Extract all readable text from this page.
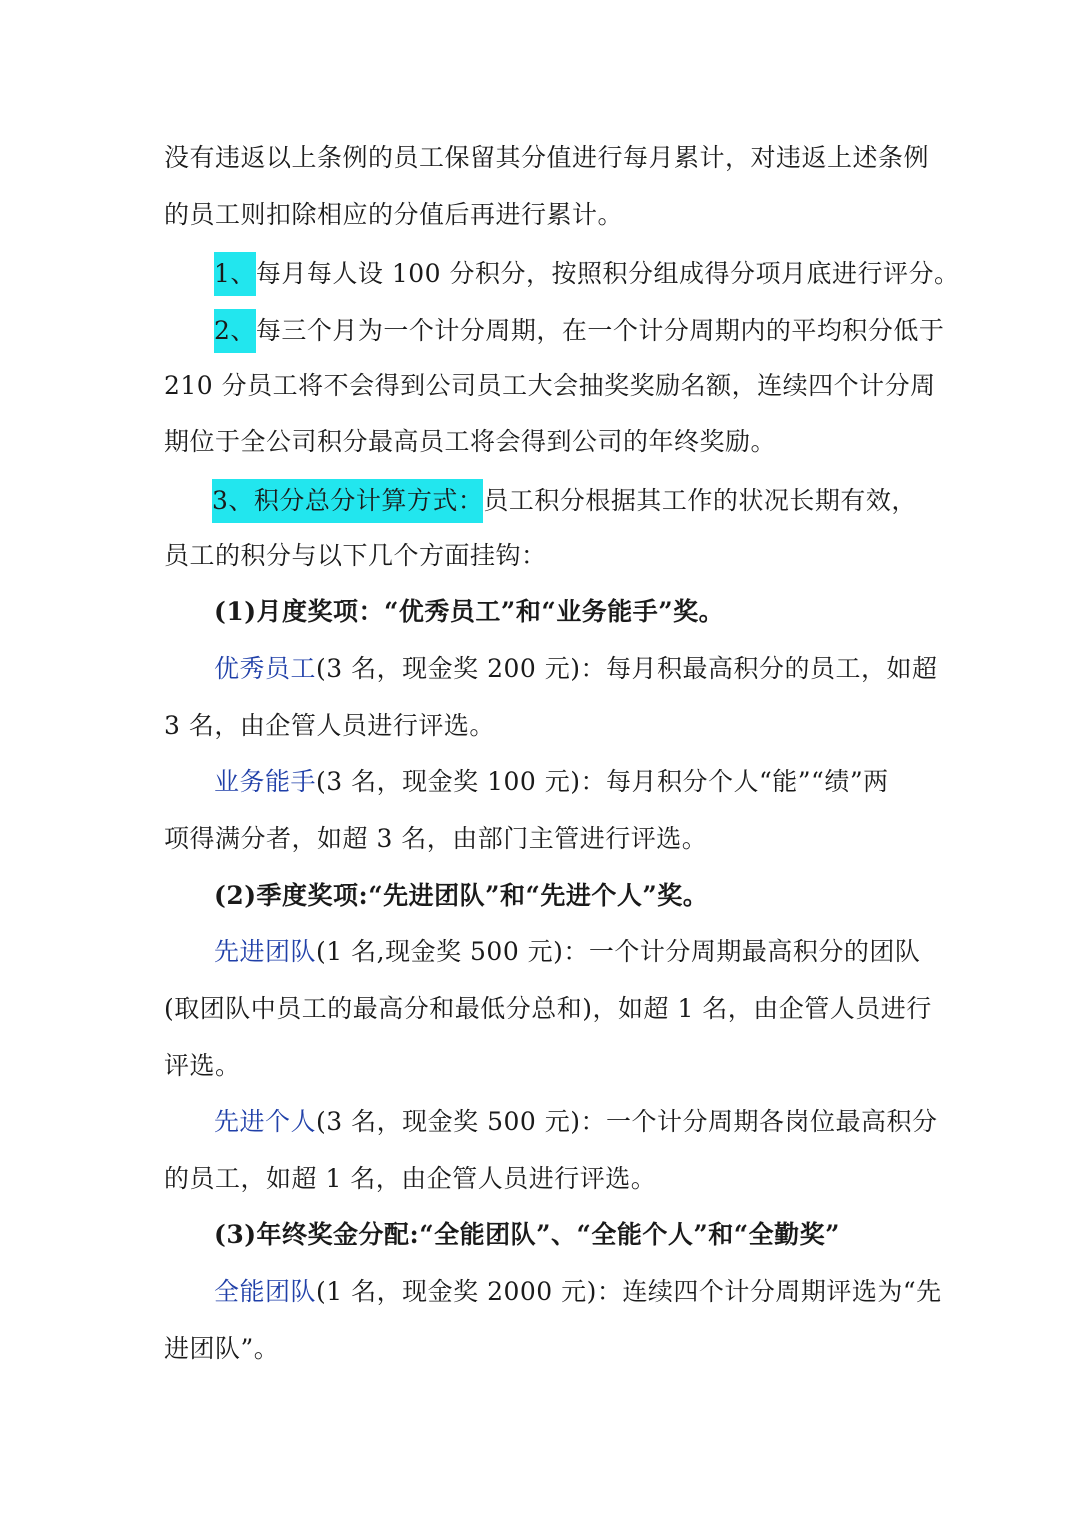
没有违返以上条例的员工保留其分值进行每月累计，对违返上述条例
的员工则扣除相应的分值后再进行累计。
1、每月每人设 100 分积分，按照积分组成得分项月底进行评分。
2、每三个月为一个计分周期，在一个计分周期内的平均积分低于
210 分员工将不会得到公司员工大会抽奖奖励名额，连续四个计分周
期位于全公司积分最高员工将会得到公司的年终奖励。
3、积分总分计算方式：员工积分根据其工作的状况长期有效，
员工的积分与以下几个方面挂钩：
(1)月度奖项：“优秀员工”和“业务能手”奖。
优秀员工(3 名，现金奖 200 元)：每月积最高积分的员工，如超
3 名，由企管人员进行评选。
业务能手(3 名，现金奖 100 元)：每月积分个人“能”“绩”两
项得满分者，如超 3 名，由部门主管进行评选。
(2)季度奖项:“先进团队”和“先进个人”奖。
先进团队(1 名,现金奖 500 元)：一个计分周期最高积分的团队
(取团队中员工的最高分和最低分总和)，如超 1 名，由企管人员进行
评选。
先进个人(3 名，现金奖 500 元)：一个计分周期各岗位最高积分
的员工，如超 1 名，由企管人员进行评选。
(3)年终奖金分配:“全能团队”、“全能个人”和“全勤奖”
全能团队(1 名，现金奖 2000 元)：连续四个计分周期评选为“先
进团队”。
